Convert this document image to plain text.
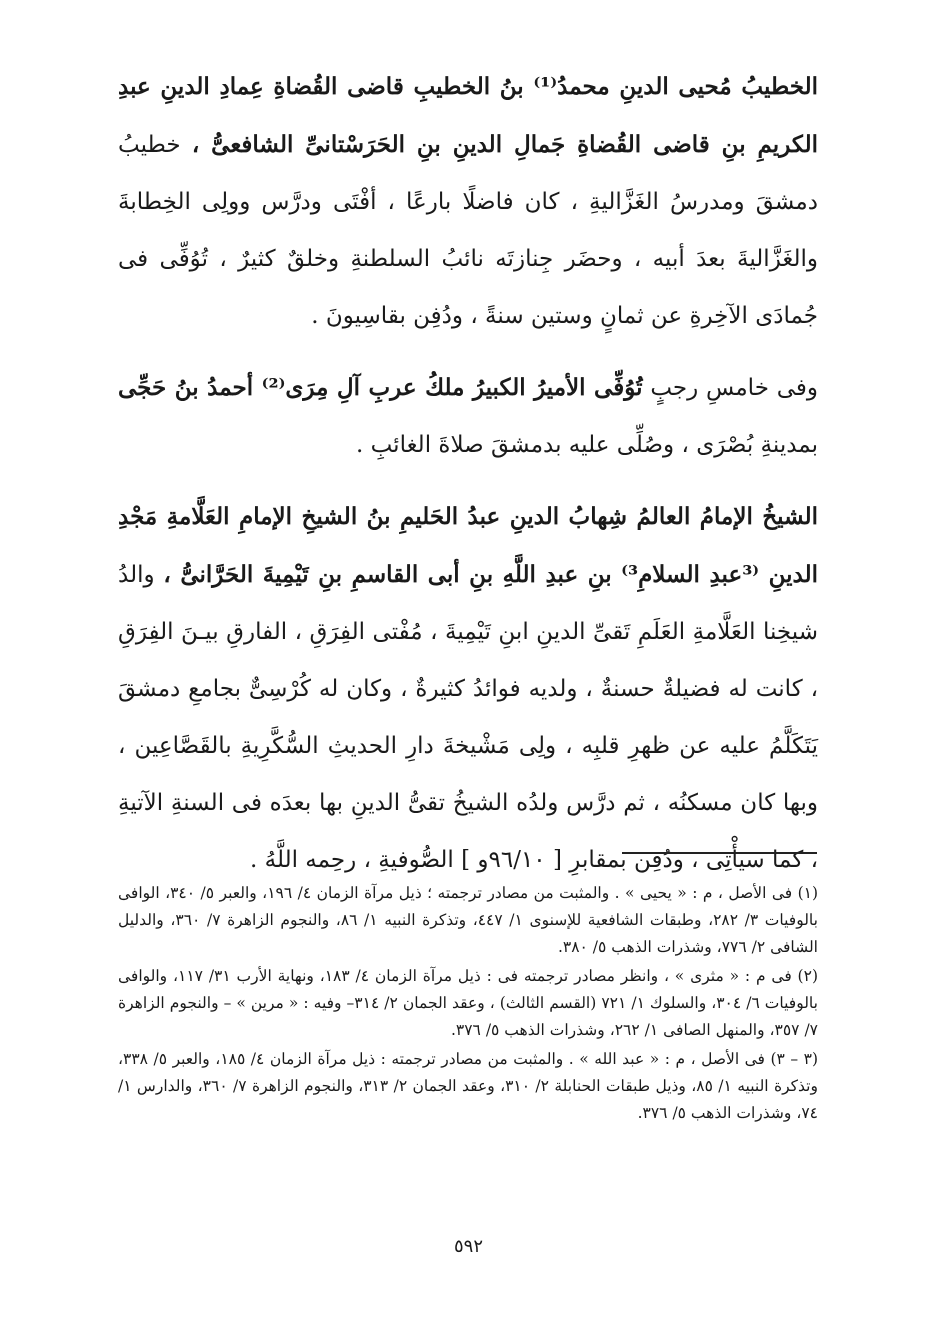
الخطيبُ مُحيى الدينِ محمدُ⁽¹⁾ بنُ الخطيبِ قاضى القُضاةِ عِمادِ الدينِ عبدِ الكريمِ بنِ قاضى القُضاةِ جَمالِ الدينِ بنِ الحَرَسْتانىِّ الشافعىُّ ، خطيبُ دمشقَ ومدرسُ الغَزَّاليةِ ، كان فاضلًا بارعًا ، أفْتَى ودرَّس وولِى الخِطابةَ والغَزَّاليةَ بعدَ أبيه ، وحضَر جِنازتَه نائبُ السلطنةِ وخلقٌ كثيرٌ ، تُوُفِّى فى جُمادَى الآخِرةِ عن ثمانٍ وستين سنةً ، ودُفِن بقاسِيونَ .

وفى خامسِ رجبٍ تُوُفِّى الأميرُ الكبيرُ ملكُ عربِ آلِ مِرَى⁽²⁾ أحمدُ بنُ حَجِّى بمدينةِ بُصْرَى ، وصُلِّى عليه بدمشقَ صلاةَ الغائبِ .

الشيخُ الإمامُ العالمُ شِهابُ الدينِ عبدُ الحَليمِ بنُ الشيخِ الإمامِ العَلَّامةِ مَجْدِ الدينِ ⁽³عبدِ السلامِ³⁾ بنِ عبدِ اللَّهِ بنِ أبى القاسمِ بنِ تَيْمِيةَ الحَرَّانىُّ ، والدُ شيخِنا العَلَّامةِ العَلَمِ تَقىِّ الدينِ ابنِ تَيْمِيةَ ، مُفْتى الفِرَقِ ، الفارقِ بيـنَ الفِرَقِ ، كانت له فضيلةٌ حسنةٌ ، ولديه فوائدُ كثيرةٌ ، وكان له كُرْسِىٌّ بجامعِ دمشقَ يَتَكَلَّمُ عليه عن ظهرِ قلبِه ، ولِى مَشْيخةَ دارِ الحديثِ السُّكَّرِيةِ بالقَصَّاعِين ، وبها كان مسكنُه ، ثم درَّس ولدُه الشيخُ تقىُّ الدينِ بها بعدَه فى السنةِ الآتيةِ ، كما سيأْتِى ، ودُفِن بمقابرِ [ ٩٦/١٠و ] الصُّوفيةِ ، رحِمه اللَّهُ .

(١) فى الأصل ، م : « يحيى » . والمثبت من مصادر ترجمته ؛ ذيل مرآة الزمان ٤/ ١٩٦، والعبر ٥/ ٣٤٠، الوافى بالوفيات ٣/ ٢٨٢، وطبقات الشافعية للإسنوى ١/ ٤٤٧، وتذكرة النبيه ١/ ٨٦، والنجوم الزاهرة ٧/ ٣٦٠، والدليل الشافى ٢/ ٧٧٦، وشذرات الذهب ٥/ ٣٨٠.

(٢) فى م : « مثرى » ، وانظر مصادر ترجمته فى : ذيل مرآة الزمان ٤/ ١٨٣، ونهاية الأرب ٣١/ ١١٧، والوافى بالوفيات ٦/ ٣٠٤، والسلوك ١/ ٧٢١ (القسم الثالث) ، وعقد الجمان ٢/ ٣١٤– وفيه : « مرين » – والنجوم الزاهرة ٧/ ٣٥٧، والمنهل الصافى ١/ ٢٦٢، وشذرات الذهب ٥/ ٣٧٦.

(٣ – ٣) فى الأصل ، م : « عبد الله » . والمثبت من مصادر ترجمته : ذيل مرآة الزمان ٤/ ١٨٥، والعبر ٥/ ٣٣٨، وتذكرة النبيه ١/ ٨٥، وذيل طبقات الحنابلة ٢/ ٣١٠، وعقد الجمان ٢/ ٣١٣، والنجوم الزاهرة ٧/ ٣٦٠، والدارس ١/ ٧٤، وشذرات الذهب ٥/ ٣٧٦.

٥٩٢
